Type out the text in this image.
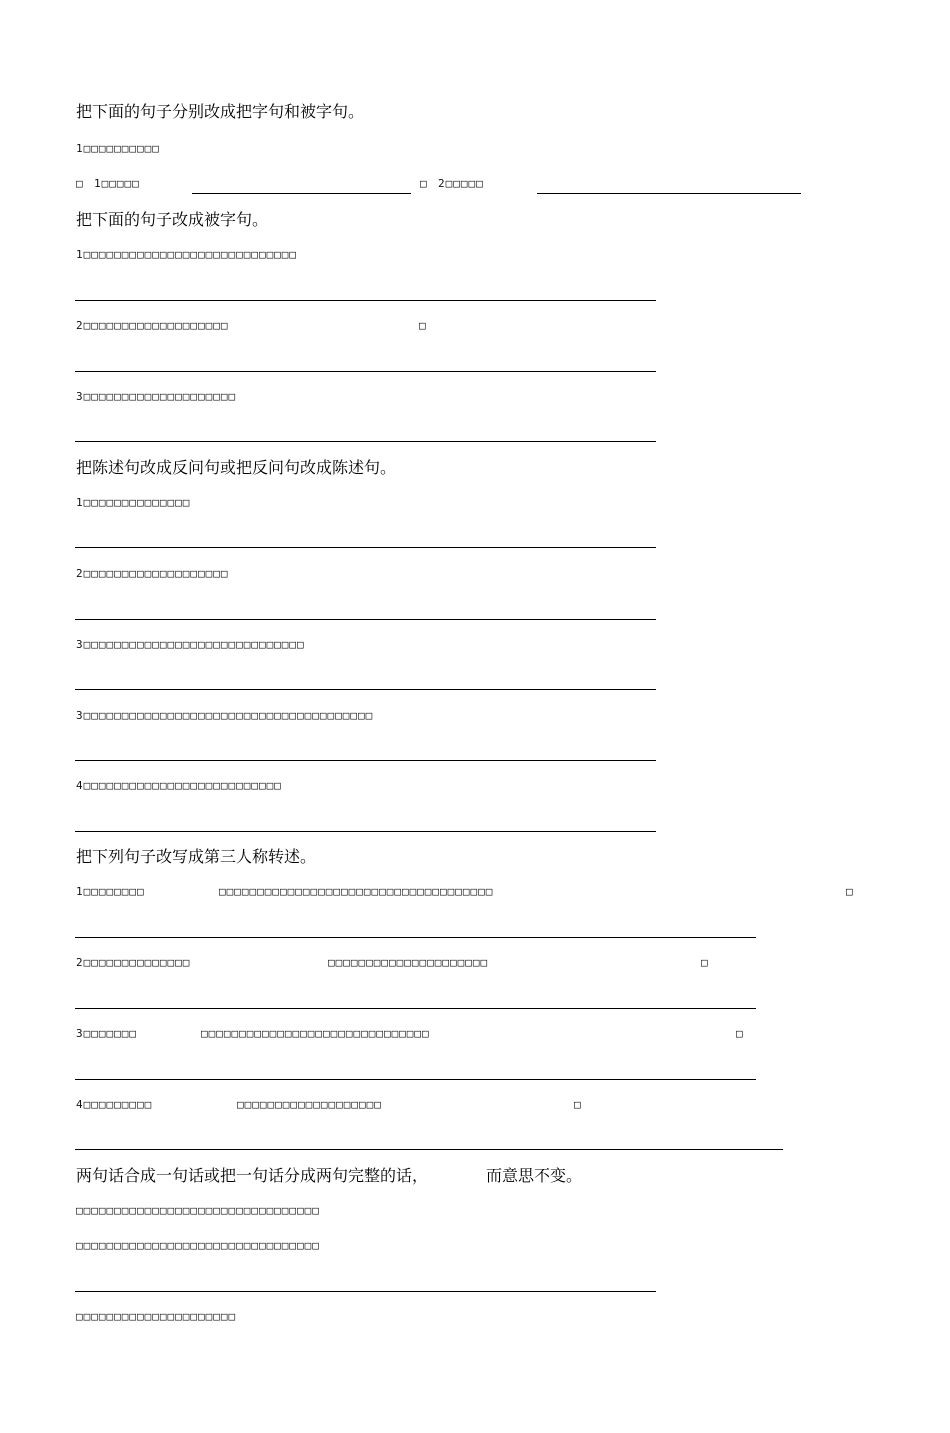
把下面的句子分别改成把字句和被字句。
1□□□□□□□□□□
□ 1□□□□□	□ 2□□□□□
把下面的句子改成被字句。
1□□□□□□□□□□□□□□□□□□□□□□□□□□□□
2□□□□□□□□□□□□□□□□□□□	□
3□□□□□□□□□□□□□□□□□□□□
把陈述句改成反问句或把反问句改成陈述句。
1□□□□□□□□□□□□□□
2□□□□□□□□□□□□□□□□□□□
3□□□□□□□□□□□□□□□□□□□□□□□□□□□□□
3□□□□□□□□□□□□□□□□□□□□□□□□□□□□□□□□□□□□□□
4□□□□□□□□□□□□□□□□□□□□□□□□□□
把下列句子改写成第三人称转述。
1□□□□□□□□	□□□□□□□□□□□□□□□□□□□□□□□□□□□□□□□□□□□□	□
2□□□□□□□□□□□□□□	□□□□□□□□□□□□□□□□□□□□□	□
3□□□□□□□	□□□□□□□□□□□□□□□□□□□□□□□□□□□□□□	□
4□□□□□□□□□	□□□□□□□□□□□□□□□□□□□	□
两句话合成一句话或把一句话分成两句完整的话，	而意思不变。
□□□□□□□□□□□□□□□□□□□□□□□□□□□□□□□□
□□□□□□□□□□□□□□□□□□□□□□□□□□□□□□□□
□□□□□□□□□□□□□□□□□□□□□
